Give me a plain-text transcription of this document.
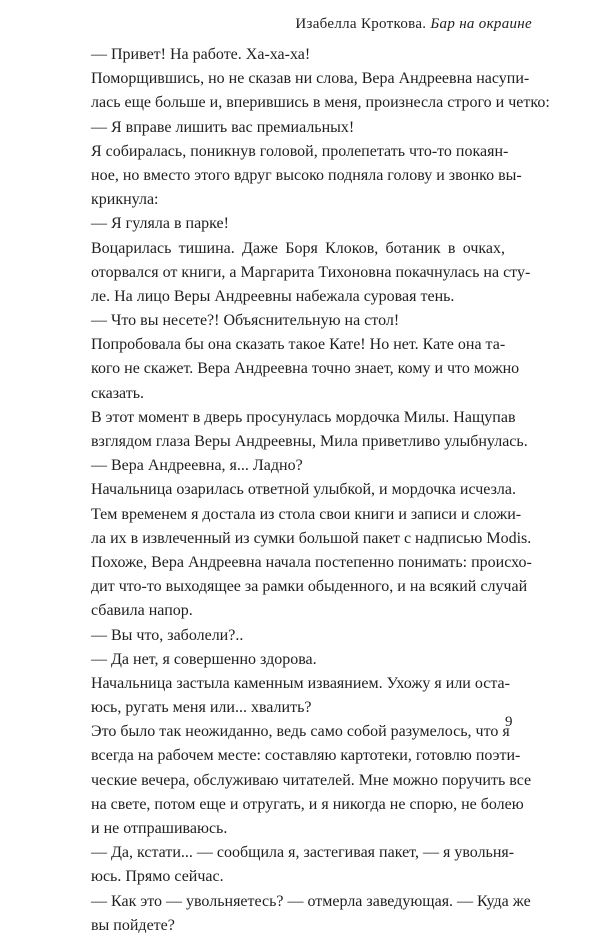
Изабелла Кроткова. Бар на окраине
— Привет! На работе. Ха-ха-ха!
Поморщившись, но не сказав ни слова, Вера Андреевна насупи-
лась еще больше и, вперившись в меня, произнесла строго и четко:
— Я вправе лишить вас премиальных!
Я собиралась, поникнув головой, пролепетать что-то покаян-
ное, но вместо этого вдруг высоко подняла голову и звонко вы-
крикнула:
— Я гуляла в парке!
Воцарилась тишина. Даже Боря Клоков, ботаник в очках,
оторвался от книги, а Маргарита Тихоновна покачнулась на сту-
ле. На лицо Веры Андреевны набежала суровая тень.
— Что вы несете?! Объяснительную на стол!
Попробовала бы она сказать такое Кате! Но нет. Кате она та-
кого не скажет. Вера Андреевна точно знает, кому и что можно
сказать.
В этот момент в дверь просунулась мордочка Милы. Нащупав
взглядом глаза Веры Андреевны, Мила приветливо улыбнулась.
— Вера Андреевна, я... Ладно?
Начальница озарилась ответной улыбкой, и мордочка исчезла.
Тем временем я достала из стола свои книги и записи и сложи-
ла их в извлеченный из сумки большой пакет с надписью Modis.
Похоже, Вера Андреевна начала постепенно понимать: происхо-
дит что-то выходящее за рамки обыденного, и на всякий случай
сбавила напор.
— Вы что, заболели?..
— Да нет, я совершенно здорова.
Начальница застыла каменным изваянием. Ухожу я или оста-
юсь, ругать меня или... хвалить?
Это было так неожиданно, ведь само собой разумелось, что я
всегда на рабочем месте: составляю картотеки, готовлю поэти-
ческие вечера, обслуживаю читателей. Мне можно поручить все
на свете, потом еще и отругать, и я никогда не спорю, не болею
и не отпрашиваюсь.
— Да, кстати... — сообщила я, застегивая пакет, — я увольня-
юсь. Прямо сейчас.
— Как это — увольняетесь? — отмерла заведующая. — Куда же
вы пойдете?
9
